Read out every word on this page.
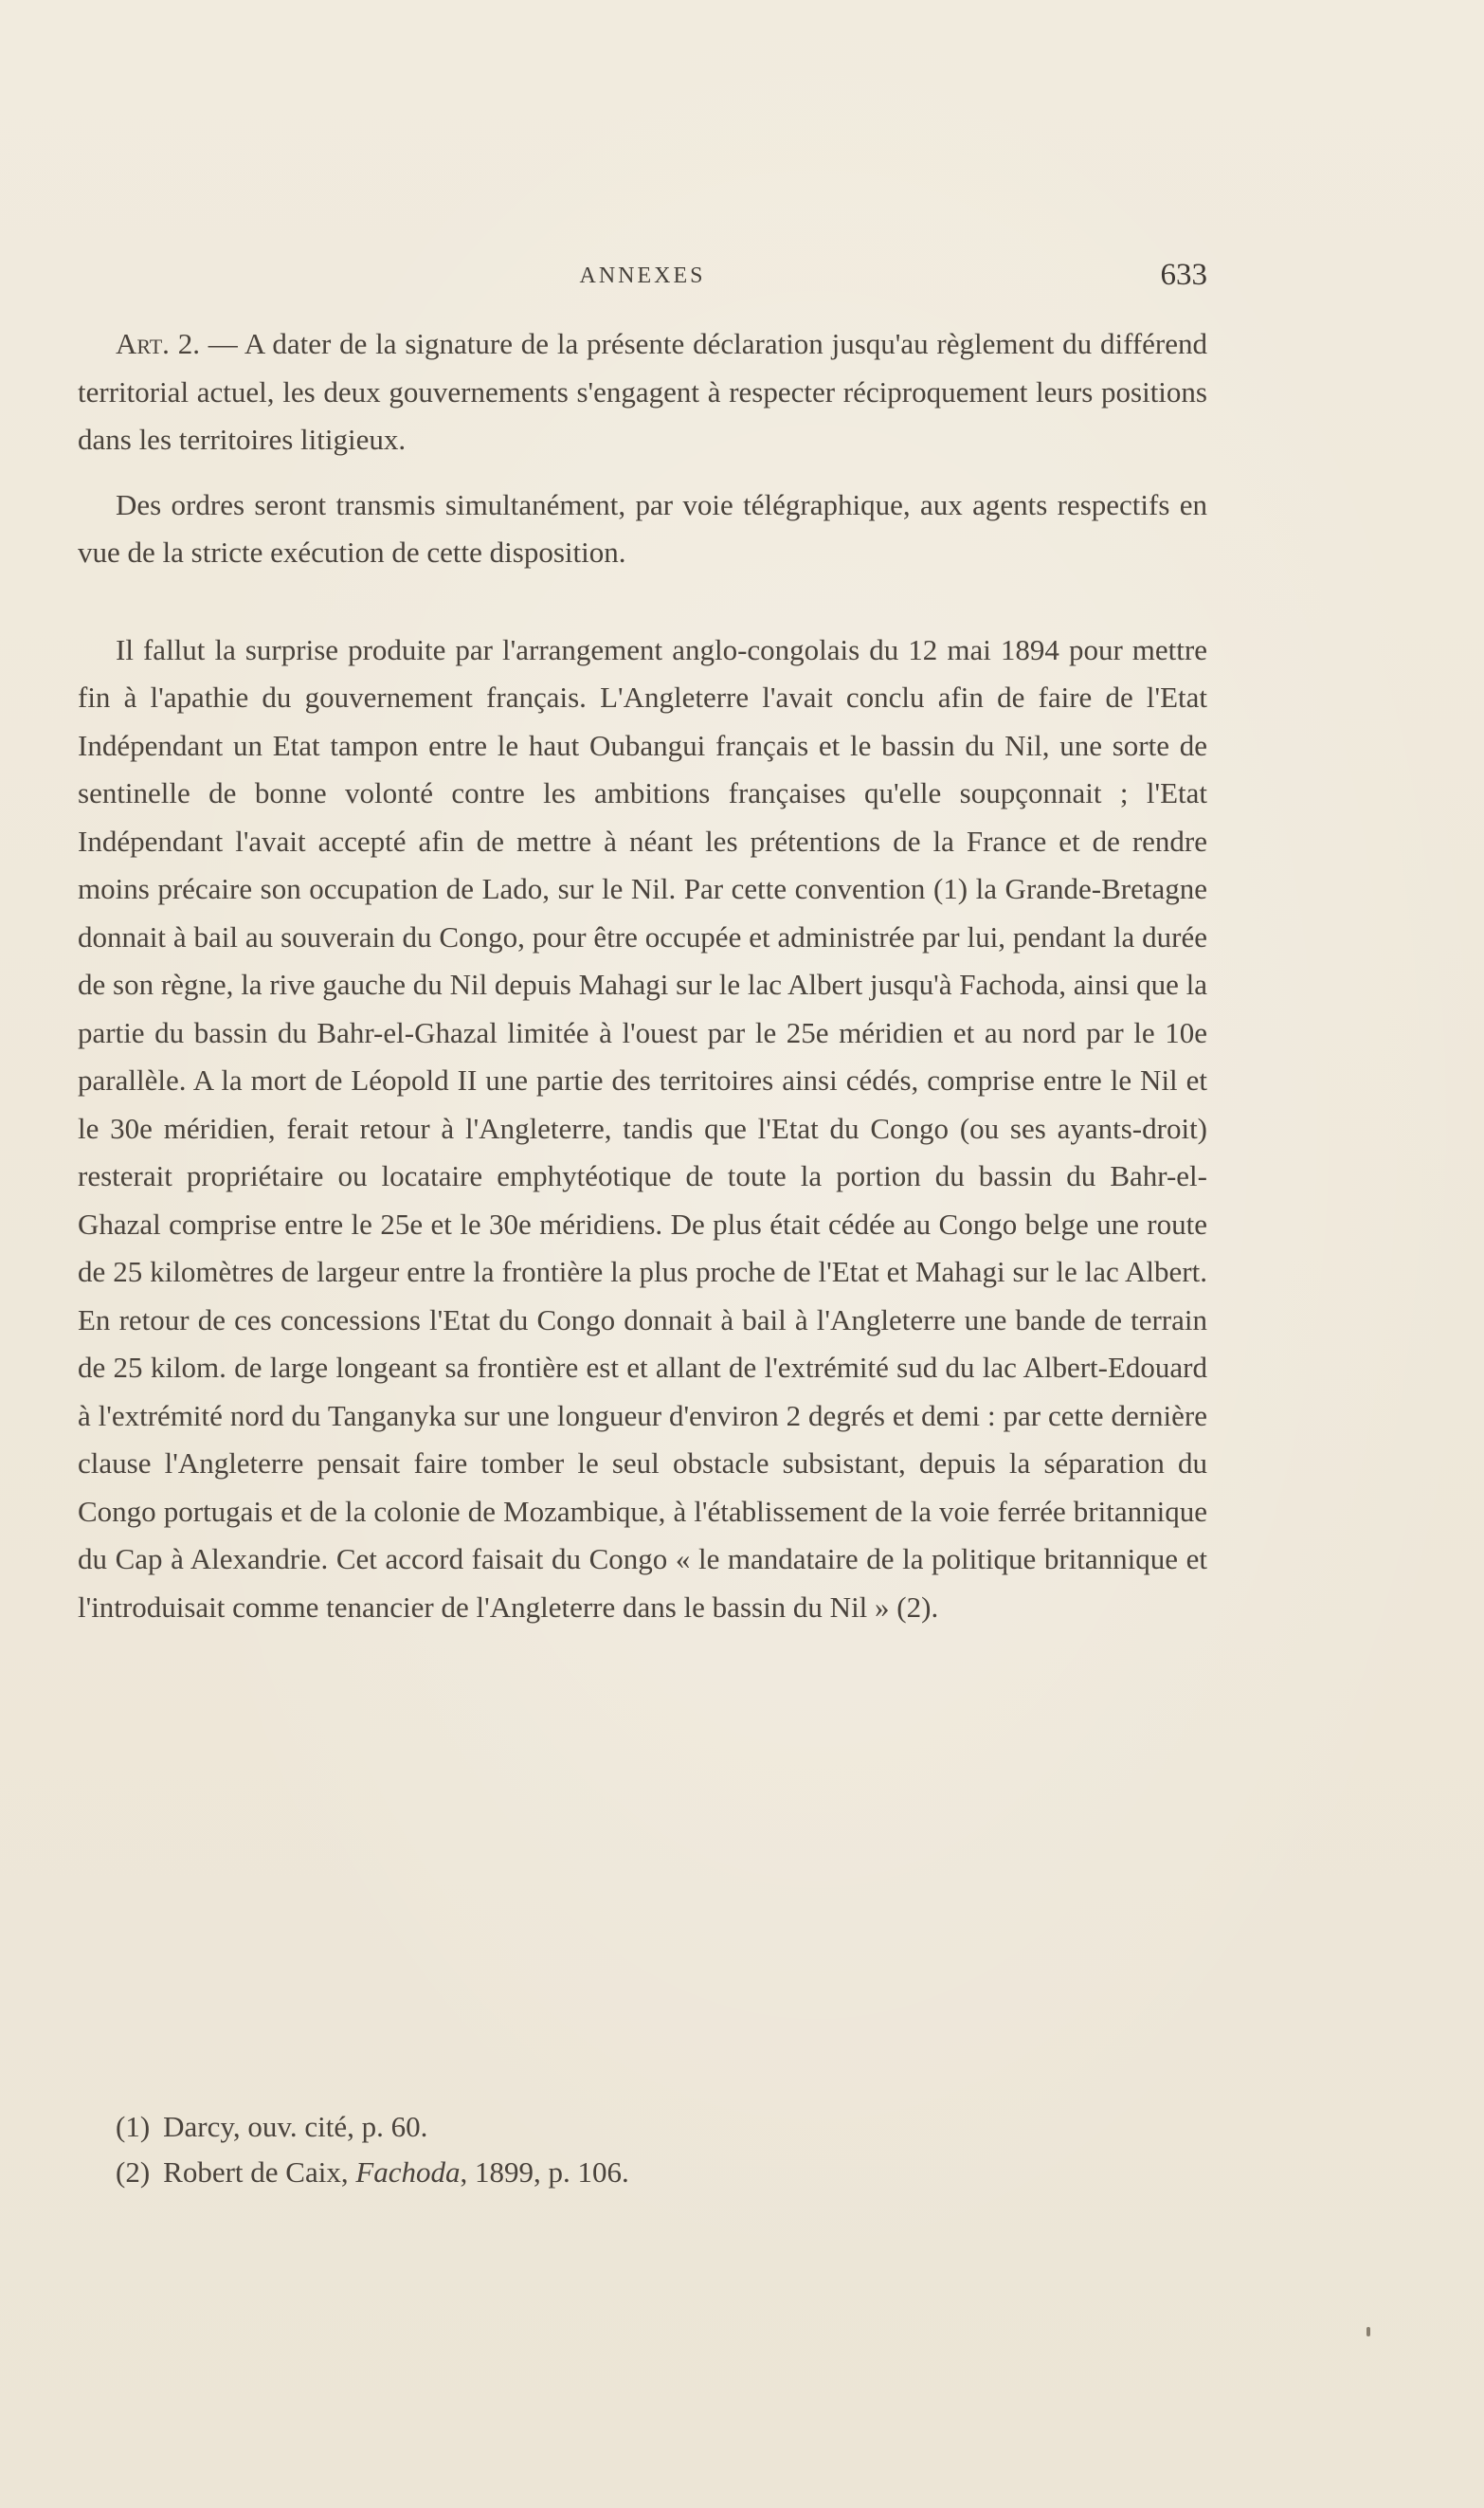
ANNEXES	633

Art. 2. — A dater de la signature de la présente déclaration jusqu'au règlement du différend territorial actuel, les deux gouvernements s'engagent à respecter réciproquement leurs positions dans les territoires litigieux.

Des ordres seront transmis simultanément, par voie télégraphique, aux agents respectifs en vue de la stricte exécution de cette disposition.

Il fallut la surprise produite par l'arrangement anglo-congolais du 12 mai 1894 pour mettre fin à l'apathie du gouvernement français. L'Angleterre l'avait conclu afin de faire de l'Etat Indépendant un Etat tampon entre le haut Oubangui français et le bassin du Nil, une sorte de sentinelle de bonne volonté contre les ambitions françaises qu'elle soupçonnait ; l'Etat Indépendant l'avait accepté afin de mettre à néant les prétentions de la France et de rendre moins précaire son occupation de Lado, sur le Nil. Par cette convention (1) la Grande-Bretagne donnait à bail au souverain du Congo, pour être occupée et administrée par lui, pendant la durée de son règne, la rive gauche du Nil depuis Mahagi sur le lac Albert jusqu'à Fachoda, ainsi que la partie du bassin du Bahr-el-Ghazal limitée à l'ouest par le 25e méridien et au nord par le 10e parallèle. A la mort de Léopold II une partie des territoires ainsi cédés, comprise entre le Nil et le 30e méridien, ferait retour à l'Angleterre, tandis que l'Etat du Congo (ou ses ayants-droit) resterait propriétaire ou locataire emphytéotique de toute la portion du bassin du Bahr-el-Ghazal comprise entre le 25e et le 30e méridiens. De plus était cédée au Congo belge une route de 25 kilomètres de largeur entre la frontière la plus proche de l'Etat et Mahagi sur le lac Albert. En retour de ces concessions l'Etat du Congo donnait à bail à l'Angleterre une bande de terrain de 25 kilom. de large longeant sa frontière est et allant de l'extrémité sud du lac Albert-Edouard à l'extrémité nord du Tanganyka sur une longueur d'environ 2 degrés et demi : par cette dernière clause l'Angleterre pensait faire tomber le seul obstacle subsistant, depuis la séparation du Congo portugais et de la colonie de Mozambique, à l'établissement de la voie ferrée britannique du Cap à Alexandrie. Cet accord faisait du Congo « le mandataire de la politique britannique et l'introduisait comme tenancier de l'Angleterre dans le bassin du Nil » (2).

(1) Darcy, ouv. cité, p. 60.

(2) Robert de Caix, Fachoda, 1899, p. 106.
